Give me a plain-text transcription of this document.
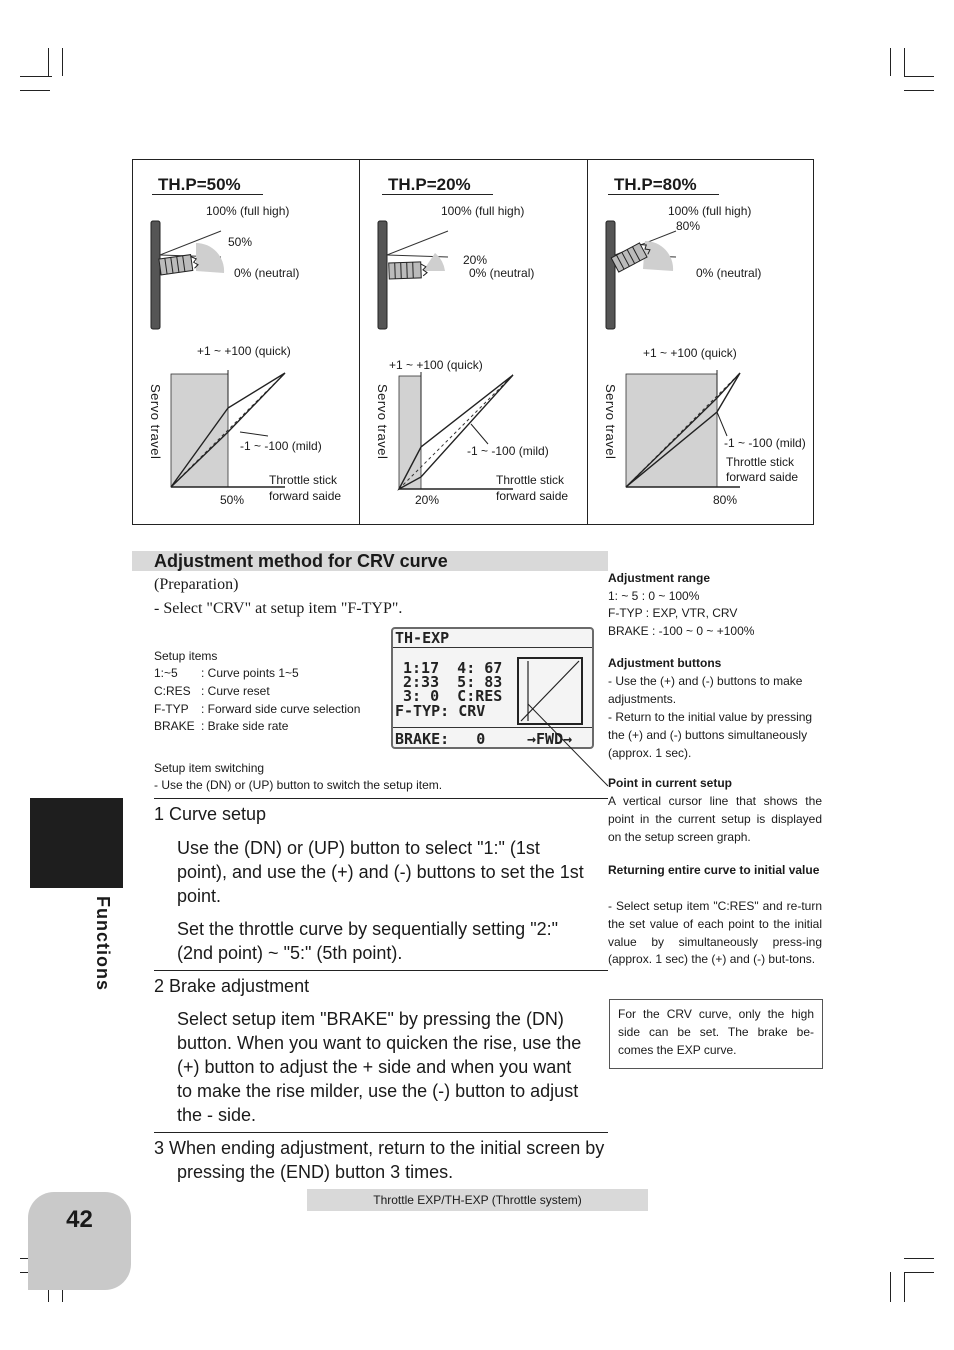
TH.P=50%
100% (full high)
50%
0% (neutral)
+1 ~ +100 (quick)
-1 ~ -100 (mild)
Throttle stick
forward saide
50%
Servo travel
TH.P=20%
100% (full high)
20%
0% (neutral)
+1 ~ +100 (quick)
-1 ~ -100 (mild)
Throttle stick
forward saide
20%
Servo travel
TH.P=80%
100% (full high)
80%
0% (neutral)
+1 ~ +100 (quick)
-1 ~ -100 (mild)
Throttle stick
forward saide
80%
Servo travel
Adjustment method for CRV curve
(Preparation)
- Select "CRV" at setup item "F-TYP".
Setup items
1:~5 : Curve points 1~5
C:RES : Curve reset
F-TYP : Forward side curve selection
BRAKE : Brake side rate
Setup item switching
- Use the (DN) or (UP) button to switch the setup item.
TH-EXP
1:17  4: 67
2:33  5: 83
3: 0  C:RES
F-TYP: CRV
BRAKE:   0	→FWD→
1 Curve setup
Use the (DN) or (UP) button to select "1:" (1st point), and use the (+) and (-) buttons to set the 1st point.
Set the throttle curve by sequentially setting "2:" (2nd point) ~ "5:" (5th point).
2 Brake adjustment
Select setup item "BRAKE" by pressing the (DN) button. When you want to quicken the rise, use the (+) button to adjust the + side and when you want to make the rise milder, use the (-) button to adjust the - side.
3 When ending adjustment, return to the initial screen by pressing the (END) button 3 times.
Adjustment range
1: ~ 5 : 0 ~ 100%
F-TYP : EXP, VTR, CRV
BRAKE : -100 ~ 0 ~ +100%
Adjustment buttons
- Use the (+) and (-) buttons to make adjustments.
- Return to the initial value by pressing the (+) and (-) buttons simultaneously (approx. 1 sec).
Point in current setup
A vertical cursor line that shows the point in the current setup is displayed on the setup screen graph.
Returning entire curve to initial value
- Select setup item "C:RES" and re-turn the set value of each point to the initial value by simultaneously press-ing (approx. 1 sec) the (+) and (-) but-tons.
For the CRV curve, only the high side can be set. The brake be-comes the EXP curve.
Throttle EXP/TH-EXP (Throttle system)
Functions
42
